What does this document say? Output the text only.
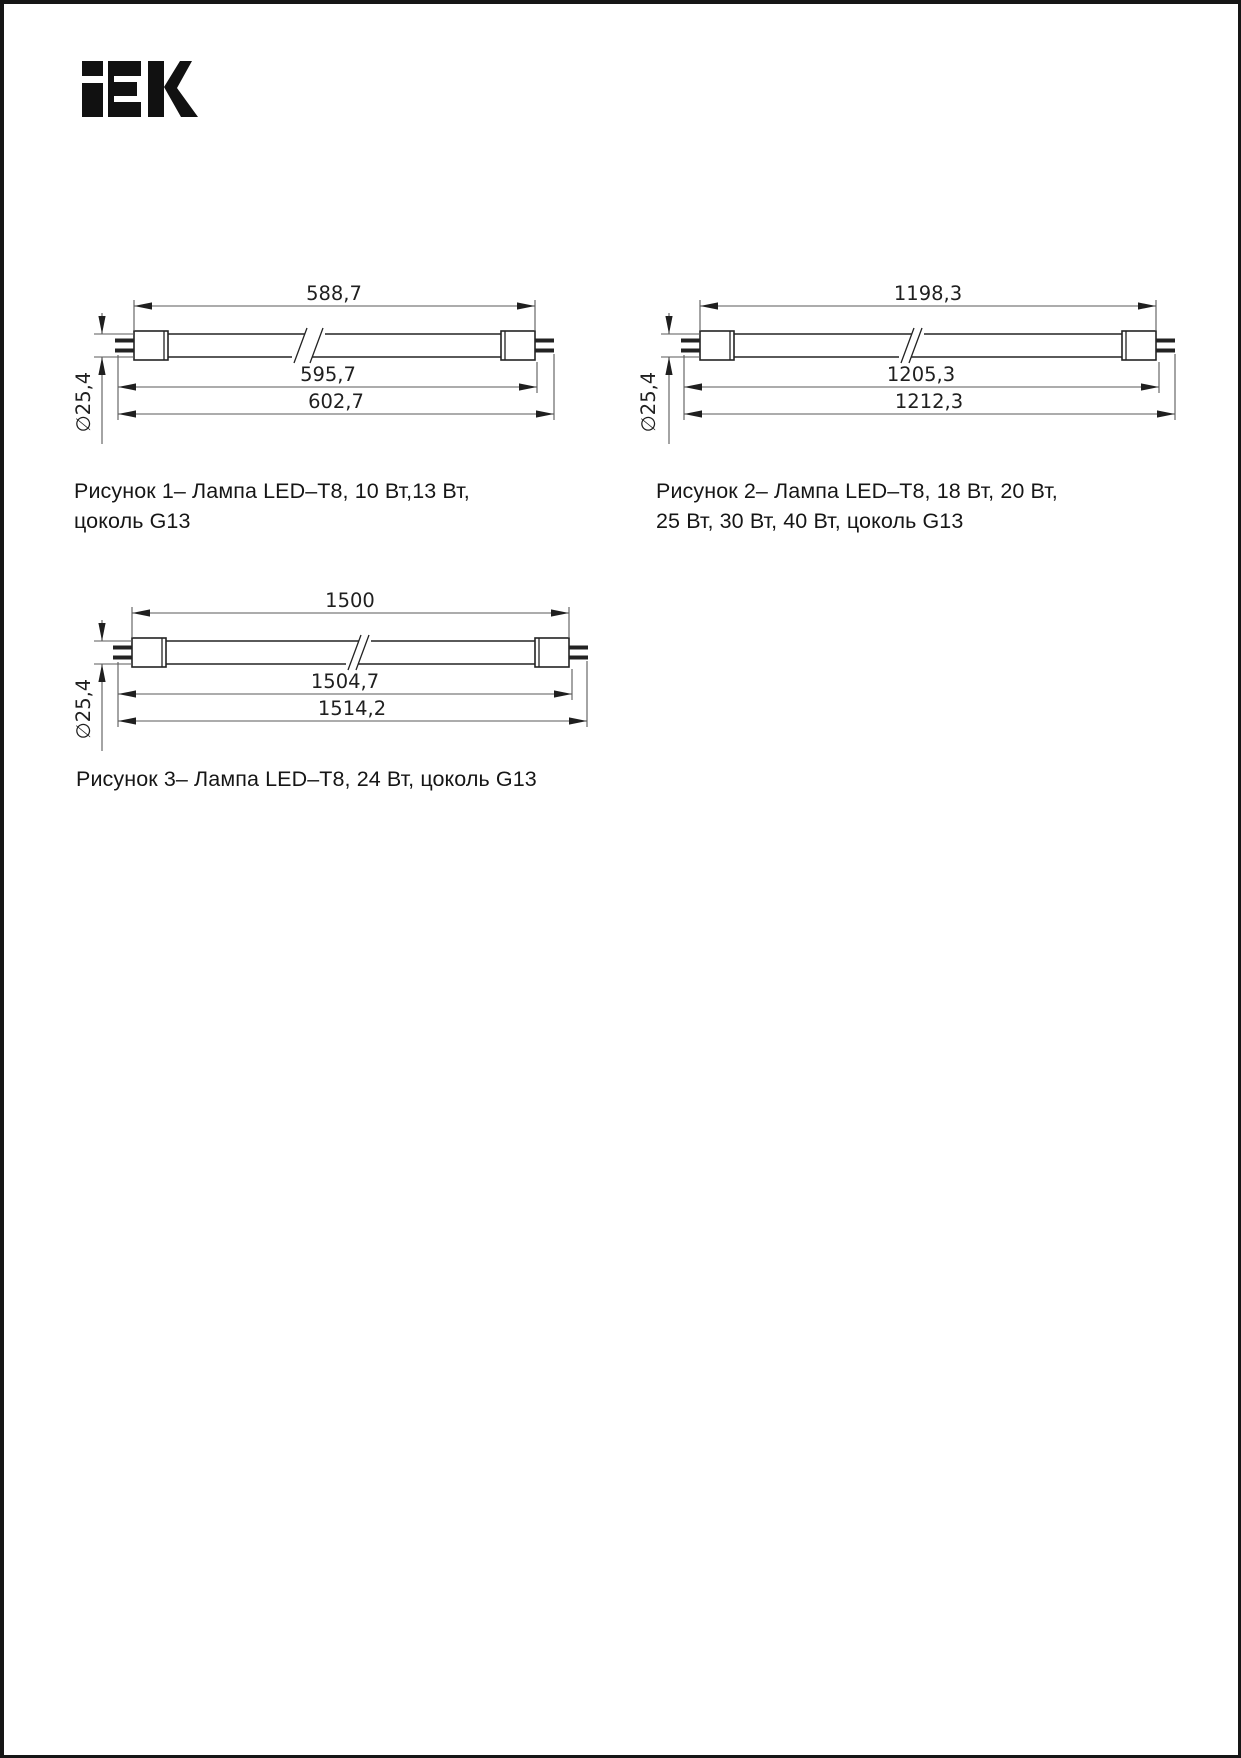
588,7
595,7
602,7
∅25,4
1198,3
1205,3
1212,3
∅25,4
1500
1504,7
1514,2
∅25,4
Рисунок 1– Лампа LED–T8, 10 Вт,13 Вт,
цоколь G13
Рисунок 2– Лампа LED–T8, 18 Вт, 20 Вт,
25 Вт, 30 Вт, 40 Вт, цоколь G13
Рисунок 3– Лампа LED–T8, 24 Вт, цоколь G13
